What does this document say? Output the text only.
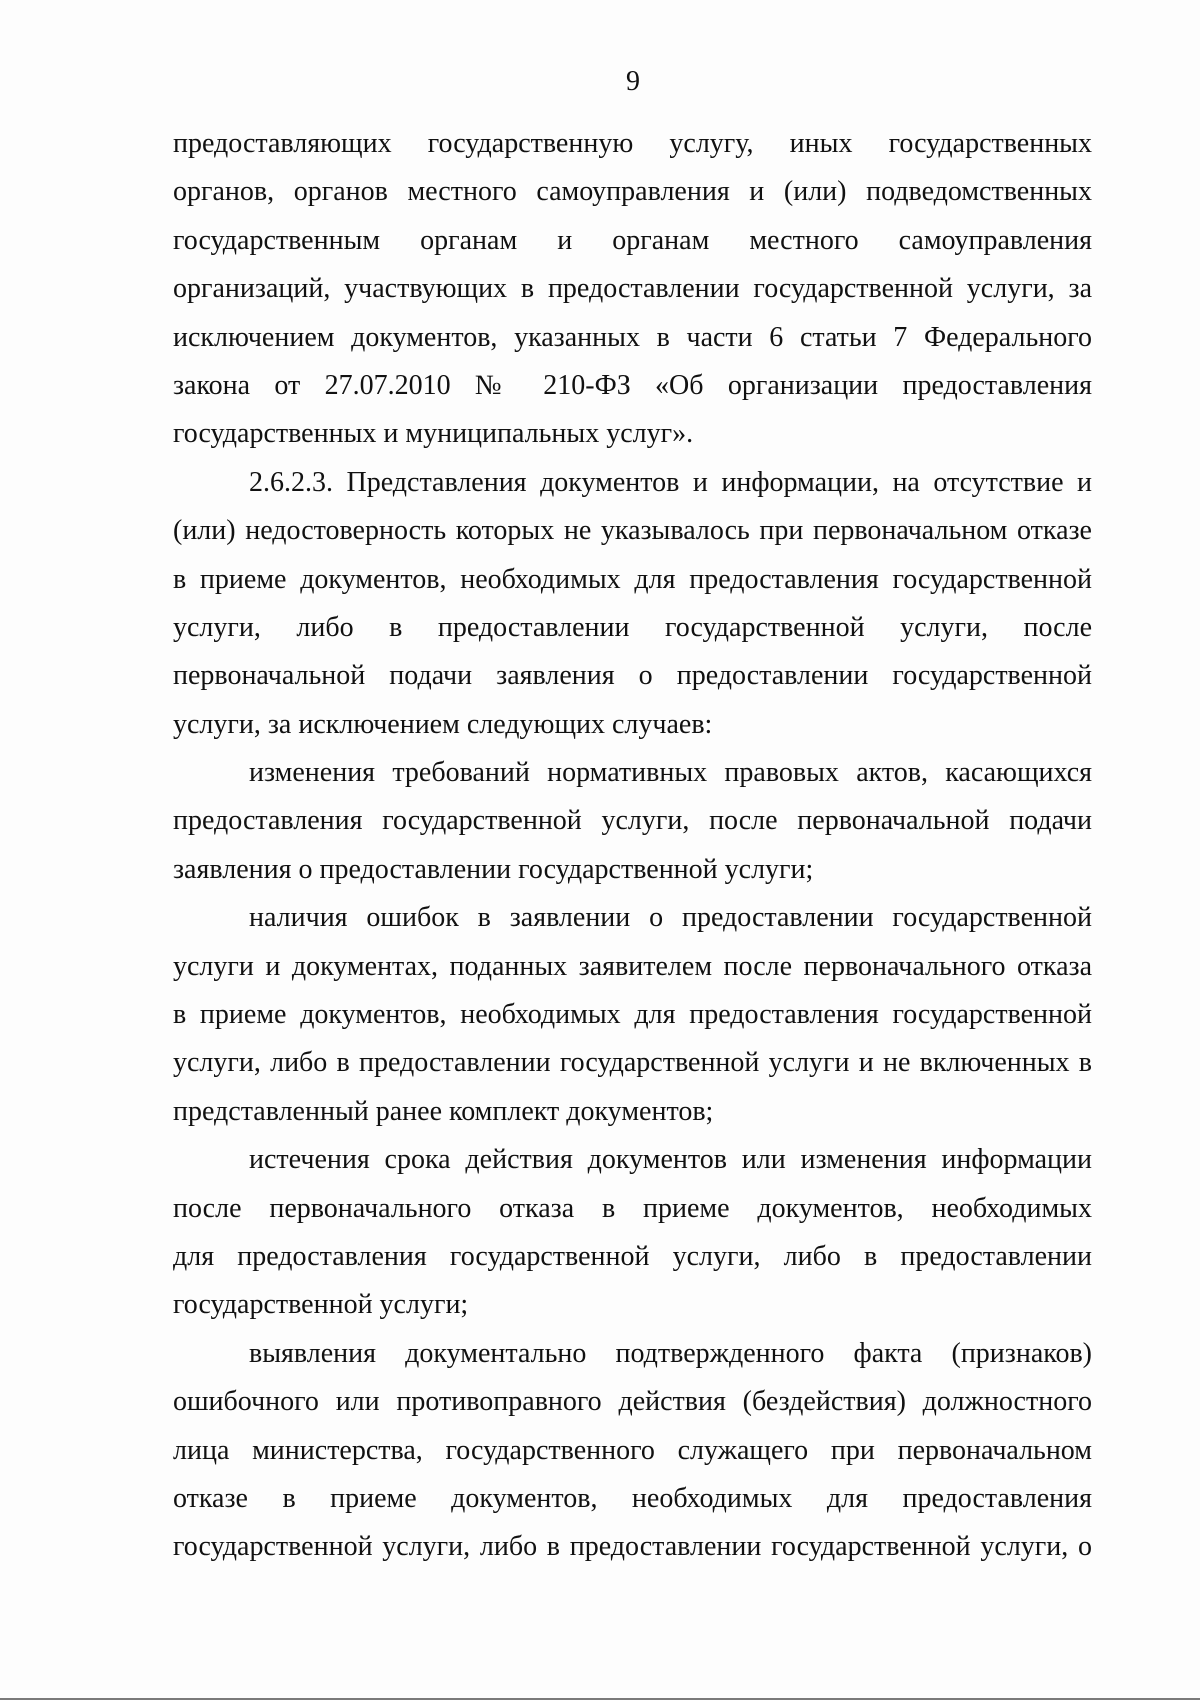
9
предоставляющих государственную услугу, иных государственных
органов, органов местного самоуправления и (или) подведомственных
государственным органам и органам местного самоуправления
организаций, участвующих в предоставлении государственной услуги, за
исключением документов, указанных в части 6 статьи 7 Федерального
закона от 27.07.2010 № 210-ФЗ «Об организации предоставления
государственных и муниципальных услуг».
2.6.2.3. Представления документов и информации, на отсутствие и
(или) недостоверность которых не указывалось при первоначальном отказе
в приеме документов, необходимых для предоставления государственной
услуги, либо в предоставлении государственной услуги, после
первоначальной подачи заявления о предоставлении государственной
услуги, за исключением следующих случаев:
изменения требований нормативных правовых актов, касающихся
предоставления государственной услуги, после первоначальной подачи
заявления о предоставлении государственной услуги;
наличия ошибок в заявлении о предоставлении государственной
услуги и документах, поданных заявителем после первоначального отказа
в приеме документов, необходимых для предоставления государственной
услуги, либо в предоставлении государственной услуги и не включенных в
представленный ранее комплект документов;
истечения срока действия документов или изменения информации
после первоначального отказа в приеме документов, необходимых
для предоставления государственной услуги, либо в предоставлении
государственной услуги;
выявления документально подтвержденного факта (признаков)
ошибочного или противоправного действия (бездействия) должностного
лица министерства, государственного служащего при первоначальном
отказе в приеме документов, необходимых для предоставления
государственной услуги, либо в предоставлении государственной услуги, о
